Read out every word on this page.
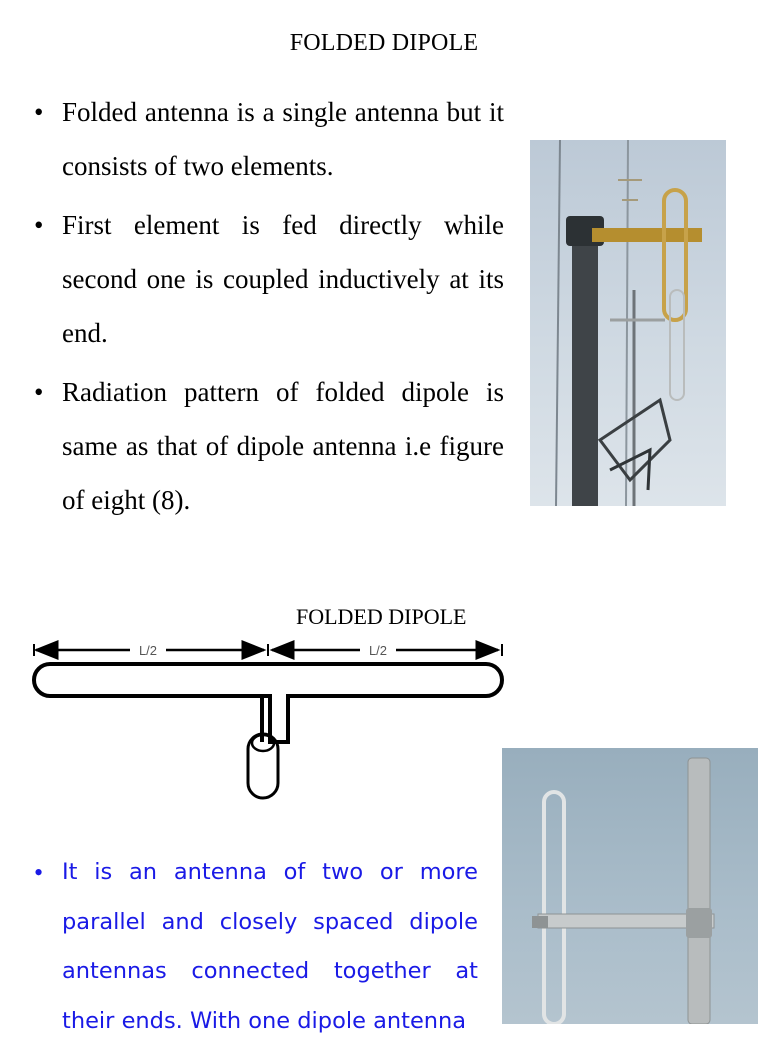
FOLDED DIPOLE
• Folded antenna is a single antenna but it consists of two elements.
• First element is fed directly while second one is coupled inductively at its end.
• Radiation pattern of folded dipole is same as that of dipole antenna i.e figure of eight (8).
FOLDED DIPOLE
L/2	L/2
• It is an antenna of two or more
parallel and closely spaced dipole
antennas connected together at
their ends. With one dipole antenna
